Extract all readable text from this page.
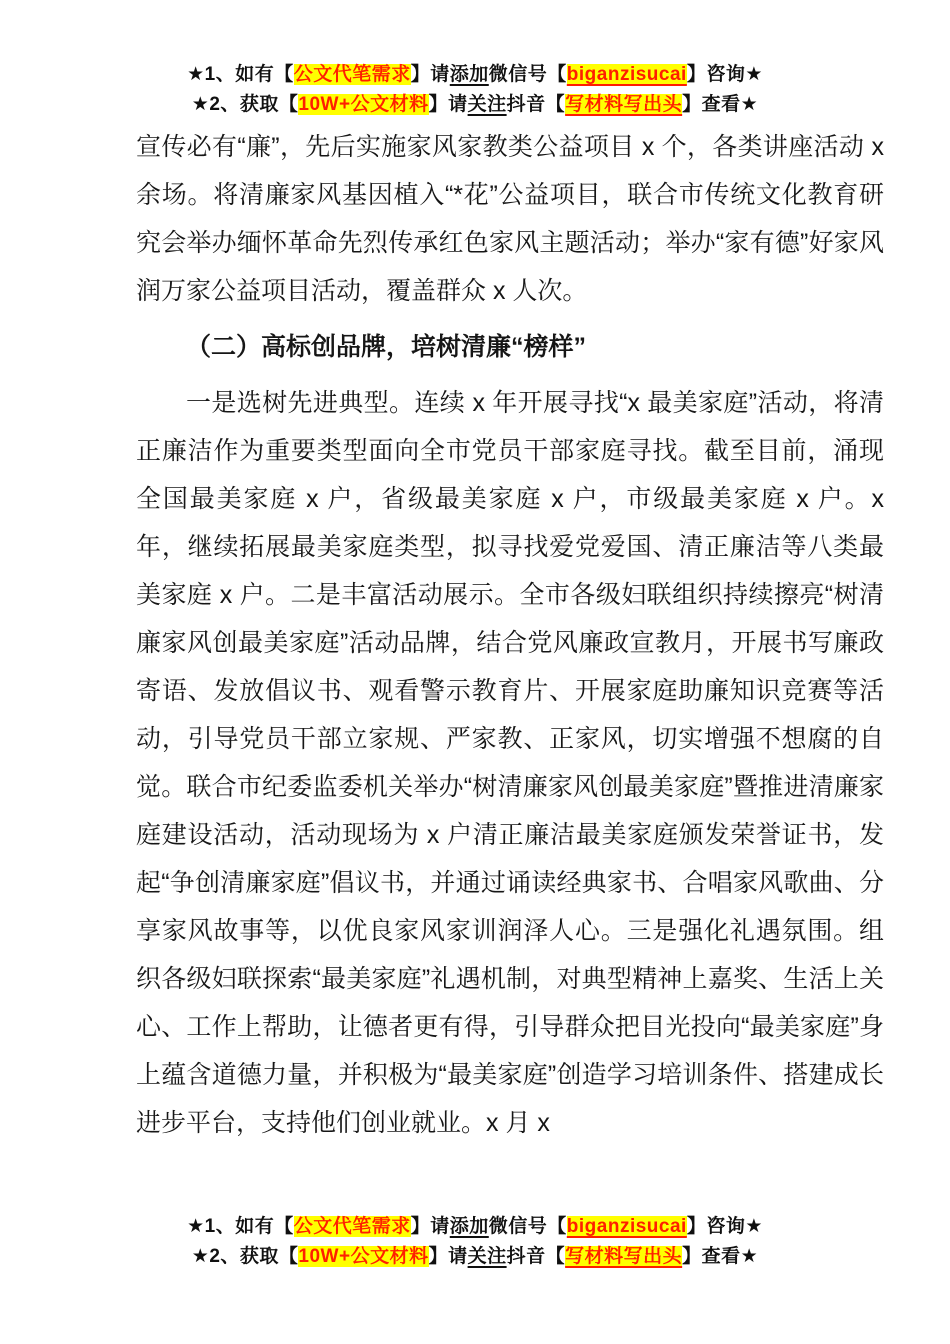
★1、如有【公文代笔需求】请添加微信号【biganzisucai】咨询★
★2、获取【10W+公文材料】请关注抖音【写材料写出头】查看★

宣传必有“廉”，先后实施家风家教类公益项目 x 个，各类讲座活动 x 余场。将清廉家风基因植入“*花”公益项目，联合市传统文化教育研究会举办缅怀革命先烈传承红色家风主题活动；举办“家有德”好家风润万家公益项目活动，覆盖群众 x 人次。

（二）高标创品牌，培树清廉“榜样”

一是选树先进典型。连续 x 年开展寻找“x 最美家庭”活动，将清正廉洁作为重要类型面向全市党员干部家庭寻找。截至目前，涌现全国最美家庭 x 户，省级最美家庭 x 户，市级最美家庭 x 户。x 年，继续拓展最美家庭类型，拟寻找爱党爱国、清正廉洁等八类最美家庭 x 户。二是丰富活动展示。全市各级妇联组织持续擦亮“树清廉家风创最美家庭”活动品牌，结合党风廉政宣教月，开展书写廉政寄语、发放倡议书、观看警示教育片、开展家庭助廉知识竞赛等活动，引导党员干部立家规、严家教、正家风，切实增强不想腐的自觉。联合市纪委监委机关举办“树清廉家风创最美家庭”暨推进清廉家庭建设活动，活动现场为 x 户清正廉洁最美家庭颁发荣誉证书，发起“争创清廉家庭”倡议书，并通过诵读经典家书、合唱家风歌曲、分享家风故事等，以优良家风家训润泽人心。三是强化礼遇氛围。组织各级妇联探索“最美家庭”礼遇机制，对典型精神上嘉奖、生活上关心、工作上帮助，让德者更有得，引导群众把目光投向“最美家庭”身上蕴含道德力量，并积极为“最美家庭”创造学习培训条件、搭建成长进步平台，支持他们创业就业。x 月 x

★1、如有【公文代笔需求】请添加微信号【biganzisucai】咨询★
★2、获取【10W+公文材料】请关注抖音【写材料写出头】查看★
